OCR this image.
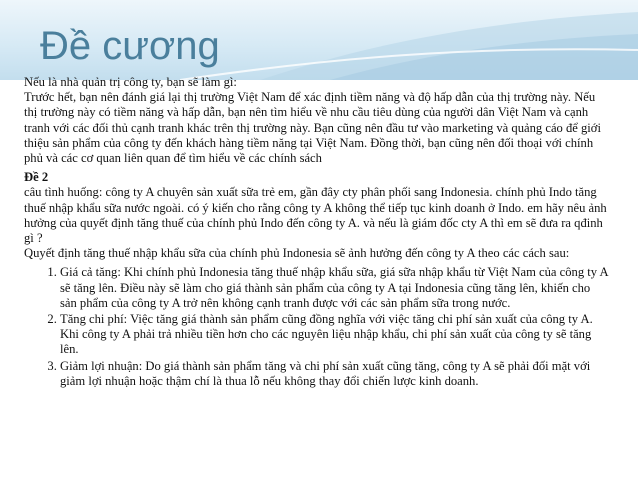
Đề cương

Nếu là nhà quản trị công ty, bạn sẽ làm gì:

Trước hết, bạn nên đánh giá lại thị trường Việt Nam để xác định tiềm năng và độ hấp dẫn của thị trường này. Nếu thị trường này có tiềm năng và hấp dẫn, bạn nên tìm hiểu về nhu cầu tiêu dùng của người dân Việt Nam và cạnh tranh với các đối thủ cạnh tranh khác trên thị trường này. Bạn cũng nên đầu tư vào marketing và quảng cáo để giới thiệu sản phẩm của công ty đến khách hàng tiềm năng tại Việt Nam. Đồng thời, bạn cũng nên đối thoại với chính phủ và các cơ quan liên quan để tìm hiểu về các chính sách

Đề 2

câu tình huống: công ty A chuyên sản xuất sữa trẻ em, gần đây cty phân phối sang Indonesia. chính phủ Indo tăng thuế nhập khẩu sữa nước ngoài. có ý kiến cho rằng công ty A không thể tiếp tục kinh doanh ở Indo. em hãy nêu ảnh hưởng của quyết định tăng thuế của chính phủ Indo đến công ty A. và nếu là giám đốc cty A thì em sẽ đưa ra qđinh gì ?

Quyết định tăng thuế nhập khẩu sữa của chính phủ Indonesia sẽ ảnh hưởng đến công ty A theo các cách sau:

1. Giá cả tăng: Khi chính phủ Indonesia tăng thuế nhập khẩu sữa, giá sữa nhập khẩu từ Việt Nam của công ty A sẽ tăng lên. Điều này sẽ làm cho giá thành sản phẩm của công ty A tại Indonesia cũng tăng lên, khiến cho sản phẩm của công ty A trở nên không cạnh tranh được với các sản phẩm sữa trong nước.
2. Tăng chi phí: Việc tăng giá thành sản phẩm cũng đồng nghĩa với việc tăng chi phí sản xuất của công ty A. Khi công ty A phải trả nhiều tiền hơn cho các nguyên liệu nhập khẩu, chi phí sản xuất của công ty sẽ tăng lên.
3. Giảm lợi nhuận: Do giá thành sản phẩm tăng và chi phí sản xuất cũng tăng, công ty A sẽ phải đối mặt với giảm lợi nhuận hoặc thậm chí là thua lỗ nếu không thay đổi chiến lược kinh doanh.
